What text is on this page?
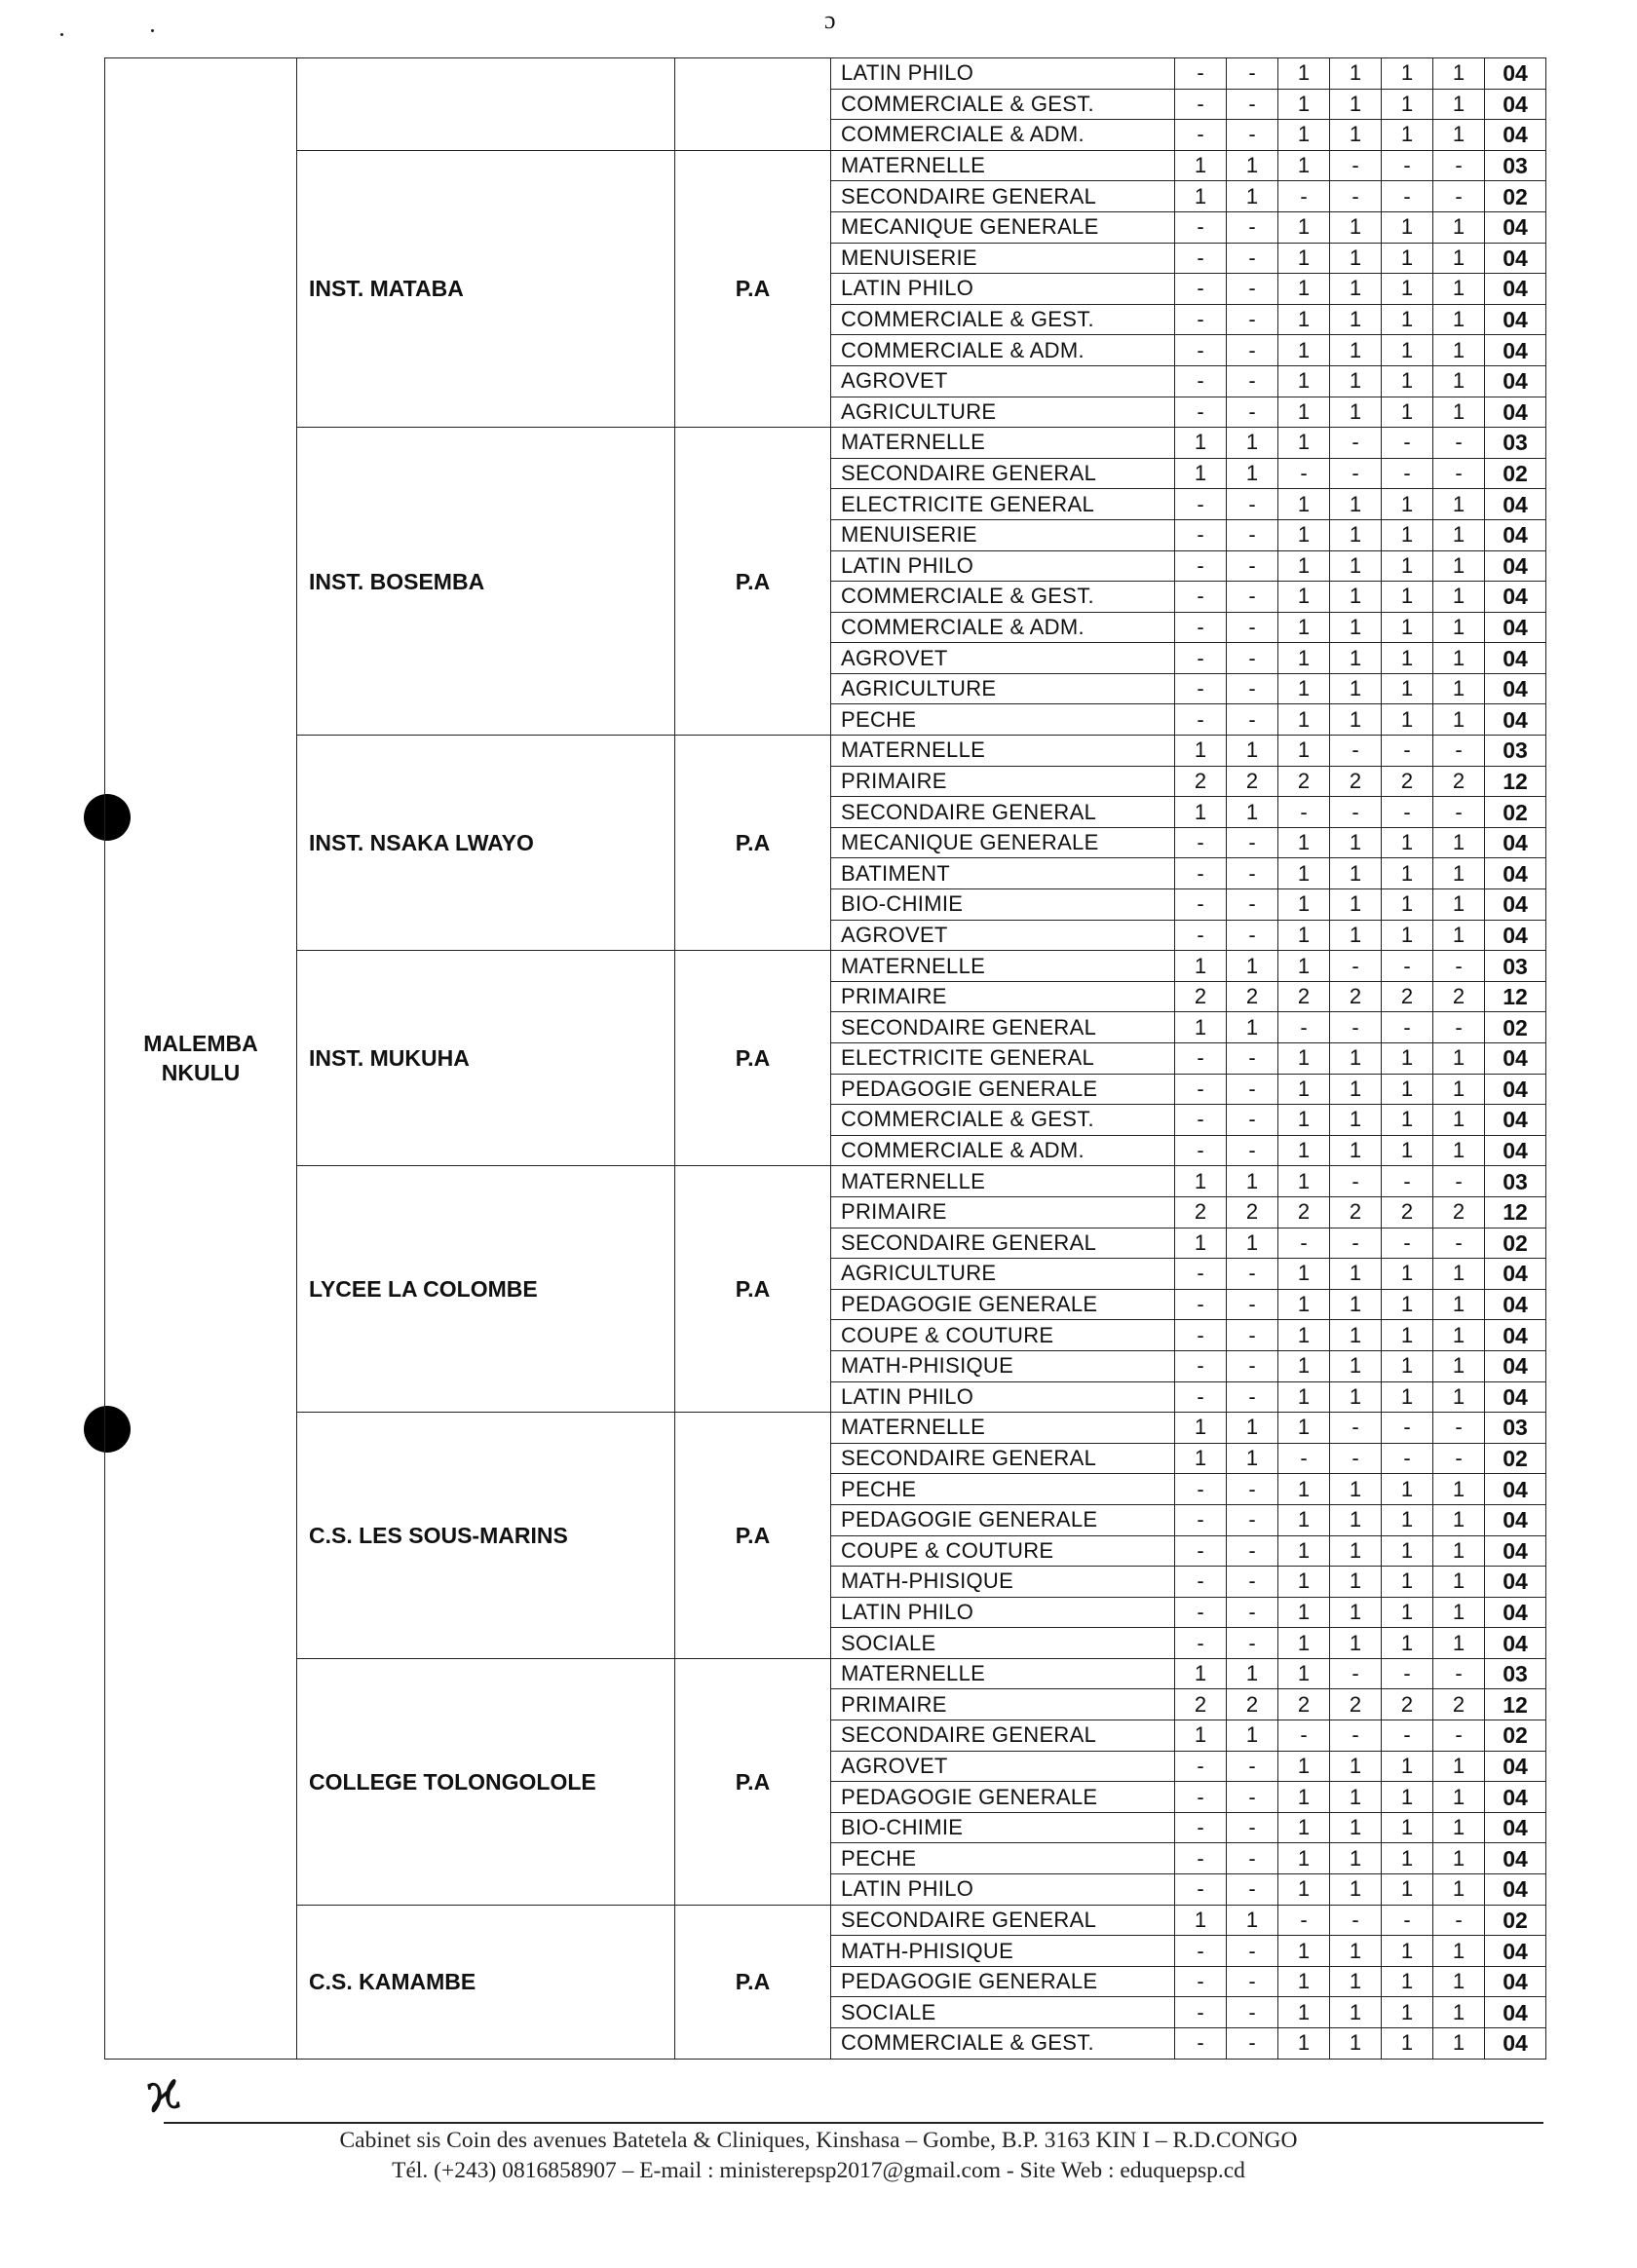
ɔ
MALEMBA NKULU			LATIN PHILO	-	-	1	1	1	1	04	
			COMMERCIALE & GEST.	-	-	1	1	1	1	04	
			COMMERCIALE & ADM.	-	-	1	1	1	1	04	
	INST. MATABA	P.A	MATERNELLE	1	1	1	-	-	-	03	
			SECONDAIRE GENERAL	1	1	-	-	-	-	02	
			MECANIQUE GENERALE	-	-	1	1	1	1	04	
			MENUISERIE	-	-	1	1	1	1	04	
			LATIN PHILO	-	-	1	1	1	1	04	
			COMMERCIALE & GEST.	-	-	1	1	1	1	04	
			COMMERCIALE & ADM.	-	-	1	1	1	1	04	
			AGROVET	-	-	1	1	1	1	04	
			AGRICULTURE	-	-	1	1	1	1	04	
	INST. BOSEMBA	P.A	MATERNELLE	1	1	1	-	-	-	03	
			SECONDAIRE GENERAL	1	1	-	-	-	-	02	
			ELECTRICITE GENERAL	-	-	1	1	1	1	04	
			MENUISERIE	-	-	1	1	1	1	04	
			LATIN PHILO	-	-	1	1	1	1	04	
			COMMERCIALE & GEST.	-	-	1	1	1	1	04	
			COMMERCIALE & ADM.	-	-	1	1	1	1	04	
			AGROVET	-	-	1	1	1	1	04	
			AGRICULTURE	-	-	1	1	1	1	04	
			PECHE	-	-	1	1	1	1	04	
	INST. NSAKA LWAYO	P.A	MATERNELLE	1	1	1	-	-	-	03	
			PRIMAIRE	2	2	2	2	2	2	12	
			SECONDAIRE GENERAL	1	1	-	-	-	-	02	
			MECANIQUE GENERALE	-	-	1	1	1	1	04	
			BATIMENT	-	-	1	1	1	1	04	
			BIO-CHIMIE	-	-	1	1	1	1	04	
			AGROVET	-	-	1	1	1	1	04	
	INST. MUKUHA	P.A	MATERNELLE	1	1	1	-	-	-	03	
			PRIMAIRE	2	2	2	2	2	2	12	
			SECONDAIRE GENERAL	1	1	-	-	-	-	02	
			ELECTRICITE GENERAL	-	-	1	1	1	1	04	
			PEDAGOGIE GENERALE	-	-	1	1	1	1	04	
			COMMERCIALE & GEST.	-	-	1	1	1	1	04	
			COMMERCIALE & ADM.	-	-	1	1	1	1	04	
	LYCEE LA COLOMBE	P.A	MATERNELLE	1	1	1	-	-	-	03	
			PRIMAIRE	2	2	2	2	2	2	12	
			SECONDAIRE GENERAL	1	1	-	-	-	-	02	
			AGRICULTURE	-	-	1	1	1	1	04	
			PEDAGOGIE GENERALE	-	-	1	1	1	1	04	
			COUPE & COUTURE	-	-	1	1	1	1	04	
			MATH-PHISIQUE	-	-	1	1	1	1	04	
			LATIN PHILO	-	-	1	1	1	1	04	
	C.S. LES SOUS-MARINS	P.A	MATERNELLE	1	1	1	-	-	-	03	
			SECONDAIRE GENERAL	1	1	-	-	-	-	02	
			PECHE	-	-	1	1	1	1	04	
			PEDAGOGIE GENERALE	-	-	1	1	1	1	04	
			COUPE & COUTURE	-	-	1	1	1	1	04	
			MATH-PHISIQUE	-	-	1	1	1	1	04	
			LATIN PHILO	-	-	1	1	1	1	04	
			SOCIALE	-	-	1	1	1	1	04	
	COLLEGE TOLONGOLOLE	P.A	MATERNELLE	1	1	1	-	-	-	03	
			PRIMAIRE	2	2	2	2	2	2	12	
			SECONDAIRE GENERAL	1	1	-	-	-	-	02	
			AGROVET	-	-	1	1	1	1	04	
			PEDAGOGIE GENERALE	-	-	1	1	1	1	04	
			BIO-CHIMIE	-	-	1	1	1	1	04	
			PECHE	-	-	1	1	1	1	04	
			LATIN PHILO	-	-	1	1	1	1	04	
	C.S. KAMAMBE	P.A	SECONDAIRE GENERAL	1	1	-	-	-	-	02	
			MATH-PHISIQUE	-	-	1	1	1	1	04	
			PEDAGOGIE GENERALE	-	-	1	1	1	1	04	
			SOCIALE	-	-	1	1	1	1	04	
			COMMERCIALE & GEST.	-	-	1	1	1	1	04	
ϰ
Cabinet sis Coin des avenues Batetela & Cliniques, Kinshasa – Gombe, B.P. 3163 KIN I – R.D.CONGO
Tél. (+243) 0816858907 – E-mail : ministerepsp2017@gmail.com - Site Web : eduquepsp.cd
